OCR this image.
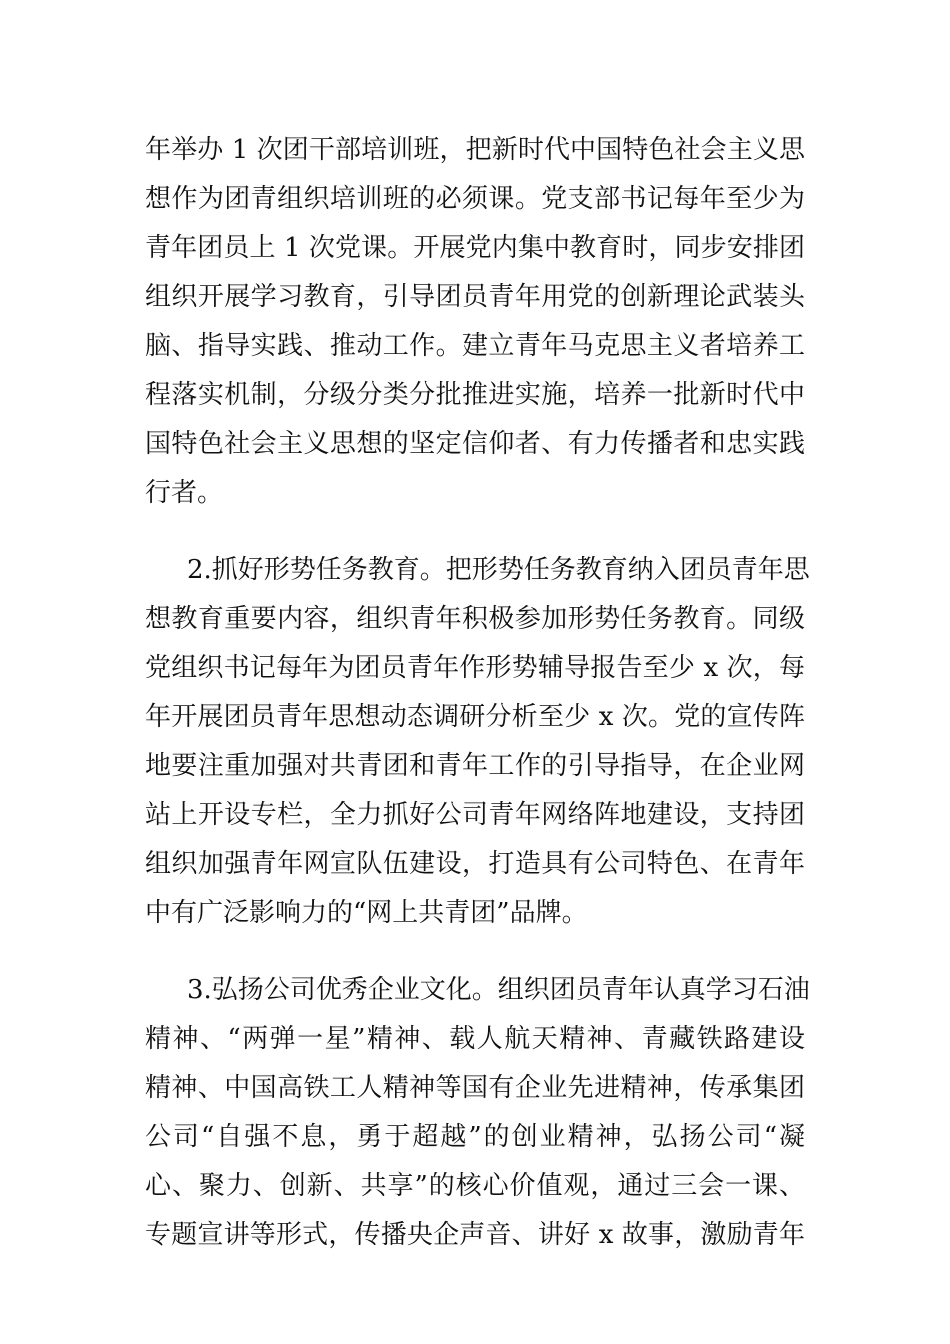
年举办 1 次团干部培训班，把新时代中国特色社会主义思
想作为团青组织培训班的必须课。党支部书记每年至少为
青年团员上 1 次党课。开展党内集中教育时，同步安排团
组织开展学习教育，引导团员青年用党的创新理论武装头
脑、指导实践、推动工作。建立青年马克思主义者培养工
程落实机制，分级分类分批推进实施，培养一批新时代中
国特色社会主义思想的坚定信仰者、有力传播者和忠实践
行者。
2.抓好形势任务教育。把形势任务教育纳入团员青年思
想教育重要内容，组织青年积极参加形势任务教育。同级
党组织书记每年为团员青年作形势辅导报告至少 x 次，每
年开展团员青年思想动态调研分析至少 x 次。党的宣传阵
地要注重加强对共青团和青年工作的引导指导，在企业网
站上开设专栏，全力抓好公司青年网络阵地建设，支持团
组织加强青年网宣队伍建设，打造具有公司特色、在青年
中有广泛影响力的“网上共青团”品牌。
3.弘扬公司优秀企业文化。组织团员青年认真学习石油
精神、“两弹一星”精神、载人航天精神、青藏铁路建设
精神、中国高铁工人精神等国有企业先进精神，传承集团
公司“自强不息，勇于超越”的创业精神，弘扬公司“凝
心、聚力、创新、共享”的核心价值观，通过三会一课、
专题宣讲等形式，传播央企声音、讲好 x 故事，激励青年
